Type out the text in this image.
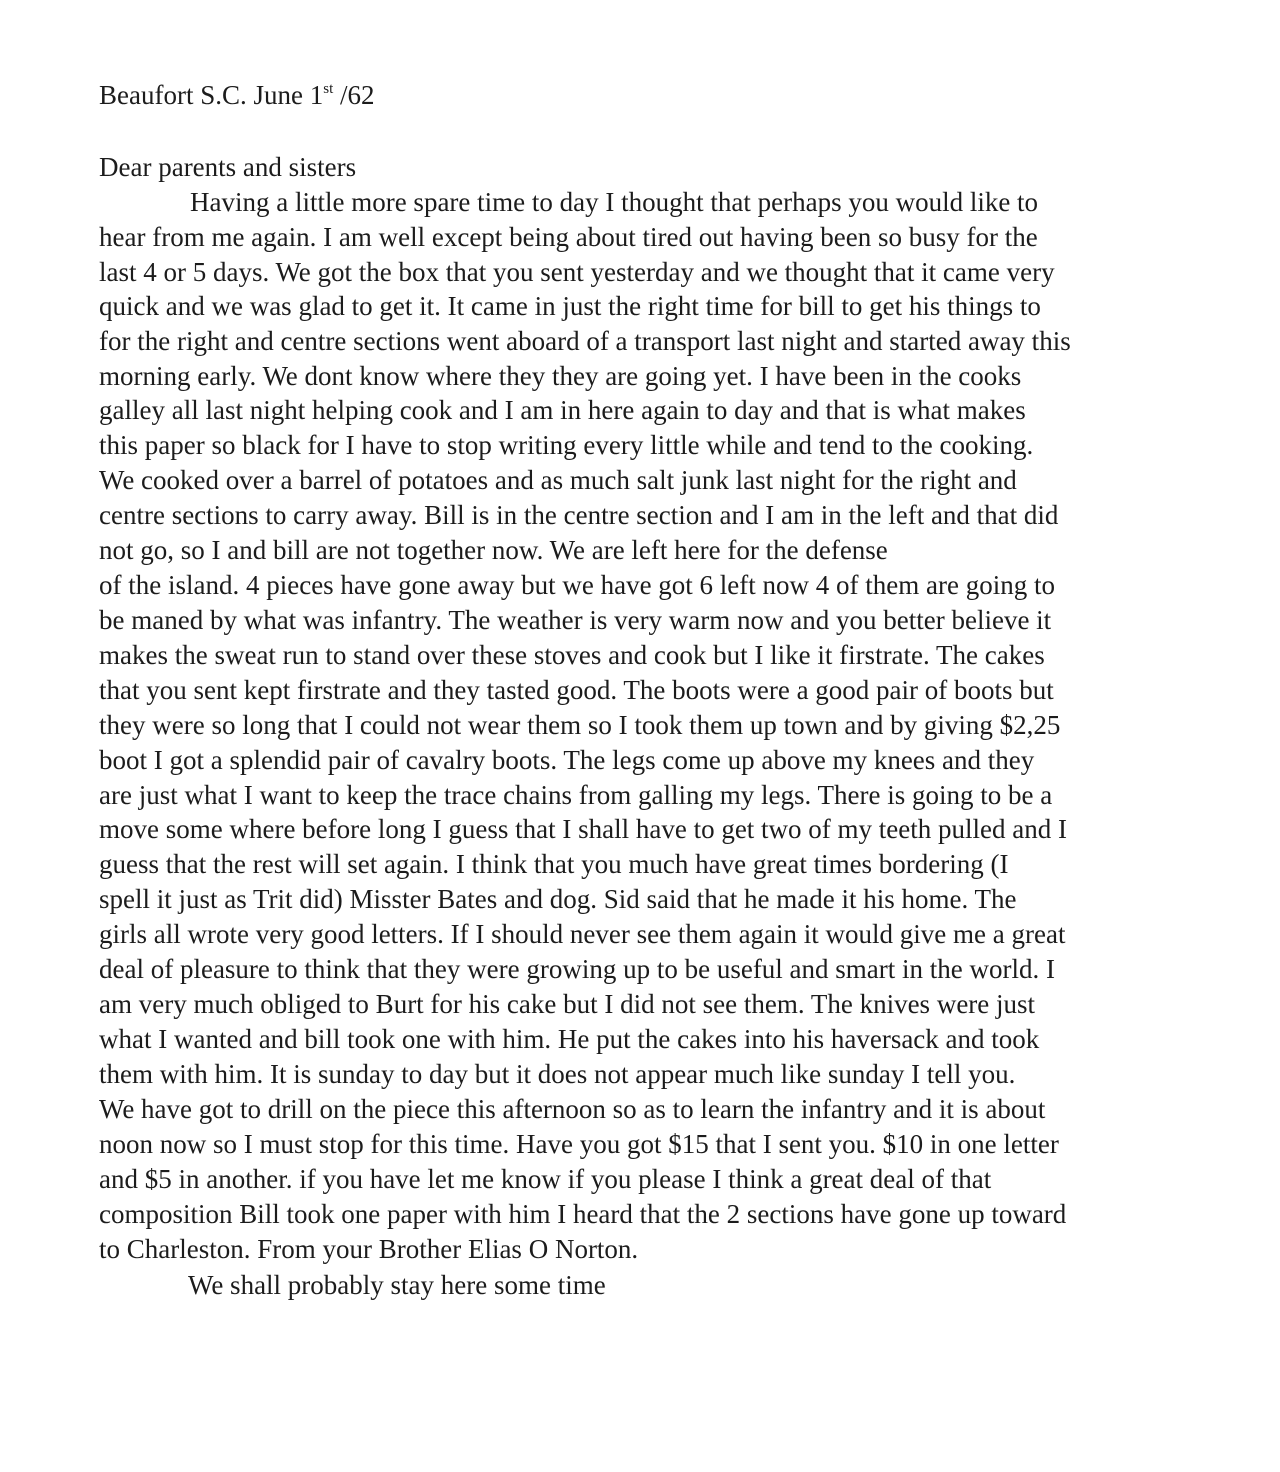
Beaufort S.C. June 1st /62
Dear parents and sisters
Having a little more spare time to day I thought that perhaps you would like to
hear from me again. I am well except being about tired out having been so busy for the
last 4 or 5 days. We got the box that you sent yesterday and we thought that it came very
quick and we was glad to get it. It came in just the right time for bill to get his things to
for the right and centre sections went aboard of a transport last night and started away this
morning early. We dont know where they they are going yet. I have been in the cooks
galley all last night helping cook and I am in here again to day and that is what makes
this paper so black for I have to stop writing every little while and tend to the cooking.
We cooked over a barrel of potatoes and as much salt junk last night for the right and
centre sections to carry away. Bill is in the centre section and I am in the left and that did
not go, so I and bill are not together now. We are left here for the defense
of the island. 4 pieces have gone away but we have got 6 left now 4 of them are going to
be maned by what was infantry. The weather is very warm now and you better believe it
makes the sweat run to stand over these stoves and cook but I like it firstrate. The cakes
that you sent kept firstrate and they tasted good. The boots were a good pair of boots but
they were so long that I could not wear them so I took them up town and by giving $2,25
boot I got a splendid pair of cavalry boots. The legs come up above my knees and they
are just what I want to keep the trace chains from galling my legs. There is going to be a
move some where before long I guess that I shall have to get two of my teeth pulled and I
guess that the rest will set again. I think that you much have great times bordering (I
spell it just as Trit did) Misster Bates and dog. Sid said that he made it his home. The
girls all wrote very good letters. If I should never see them again it would give me a great
deal of pleasure to think that they were growing up to be useful and smart in the world. I
am very much obliged to Burt for his cake but I did not see them. The knives were just
what I wanted and bill took one with him. He put the cakes into his haversack and took
them with him. It is sunday to day but it does not appear much like sunday I tell you.
We have got to drill on the piece this afternoon so as to learn the infantry and it is about
noon now so I must stop for this time. Have you got $15 that I sent you. $10 in one letter
and $5 in another. if you have let me know if you please I think a great deal of that
composition Bill took one paper with him I heard that the 2 sections have gone up toward
to Charleston. From your Brother Elias O Norton.
We shall probably stay here some time
